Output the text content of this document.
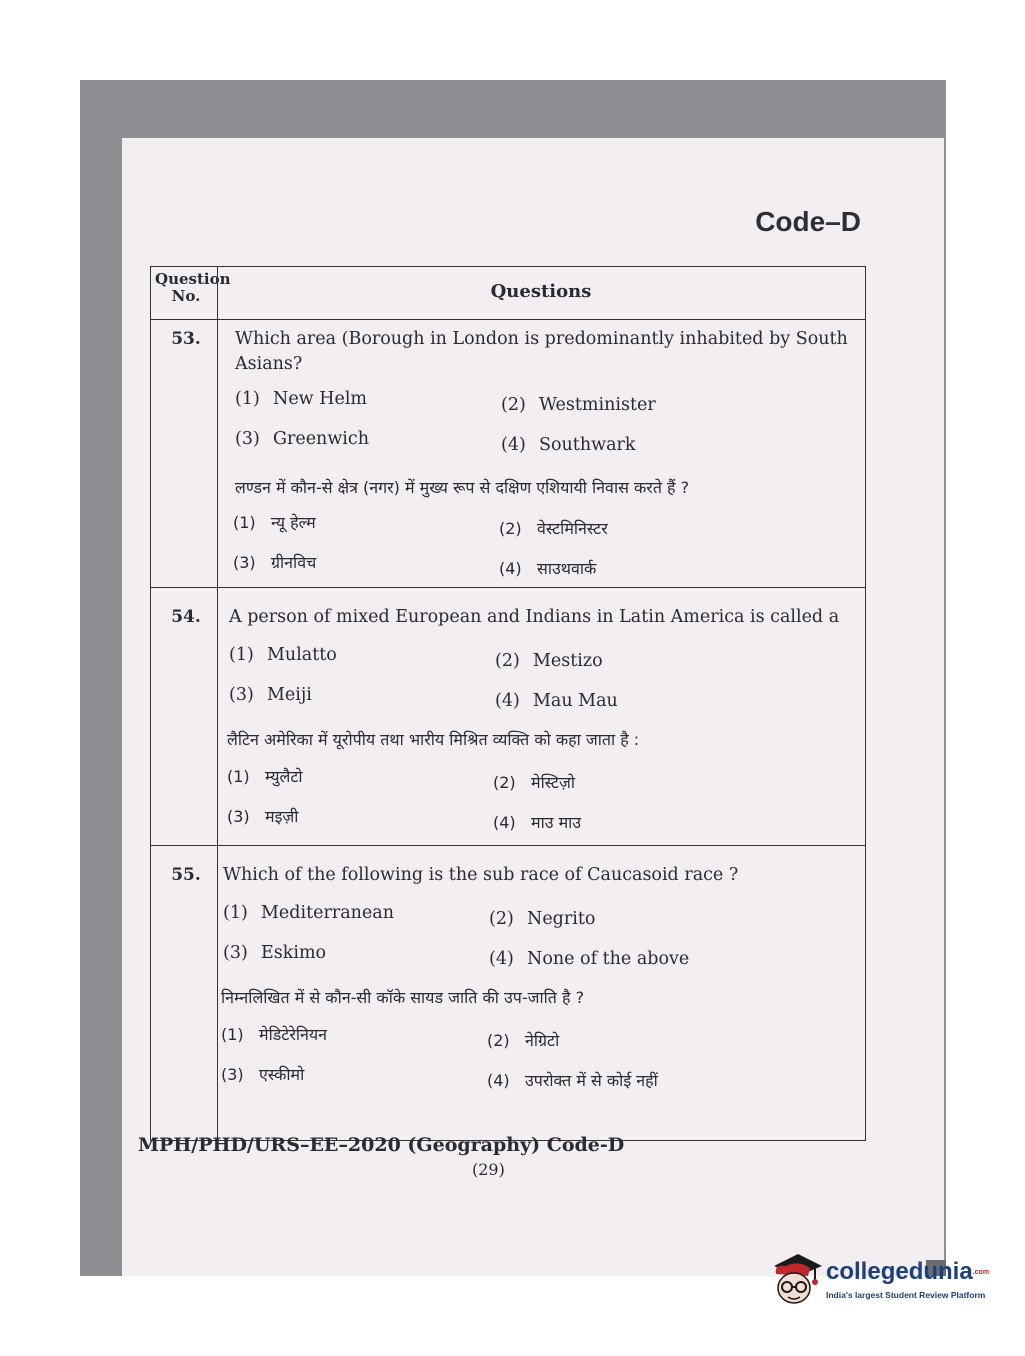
Code–D
Question
No.	Questions
53.	Which area (Borough in London is predominantly inhabited by South Asians?
(1) New Helm	(2) Westminister
(3) Greenwich	(4) Southwark
लण्डन में कौन-से क्षेत्र (नगर) में मुख्य रूप से दक्षिण एशियायी निवास करते हैं ?
(1) न्यू हेल्म	(2) वेस्टमिनिस्टर
(3) ग्रीनविच	(4) साउथवार्क
54.	A person of mixed European and Indians in Latin America is called a
(1) Mulatto	(2) Mestizo
(3) Meiji	(4) Mau Mau
लैटिन अमेरिका में यूरोपीय तथा भारीय मिश्रित व्यक्ति को कहा जाता है :
(1) म्युलैटो	(2) मेस्टिज़ो
(3) मइज़ी	(4) माउ माउ
55.	Which of the following is the sub race of Caucasoid race ?
(1) Mediterranean	(2) Negrito
(3) Eskimo	(4) None of the above
निम्नलिखित में से कौन-सी कॉके सायड जाति की उप-जाति है ?
(1) मेडिटेरेनियन	(2) नेग्रिटो
(3) एस्कीमो	(4) उपरोक्त में से कोई नहीं
MPH/PHD/URS–EE–2020 (Geography) Code-D
(29)
collegedunia.com
India's largest Student Review Platform
